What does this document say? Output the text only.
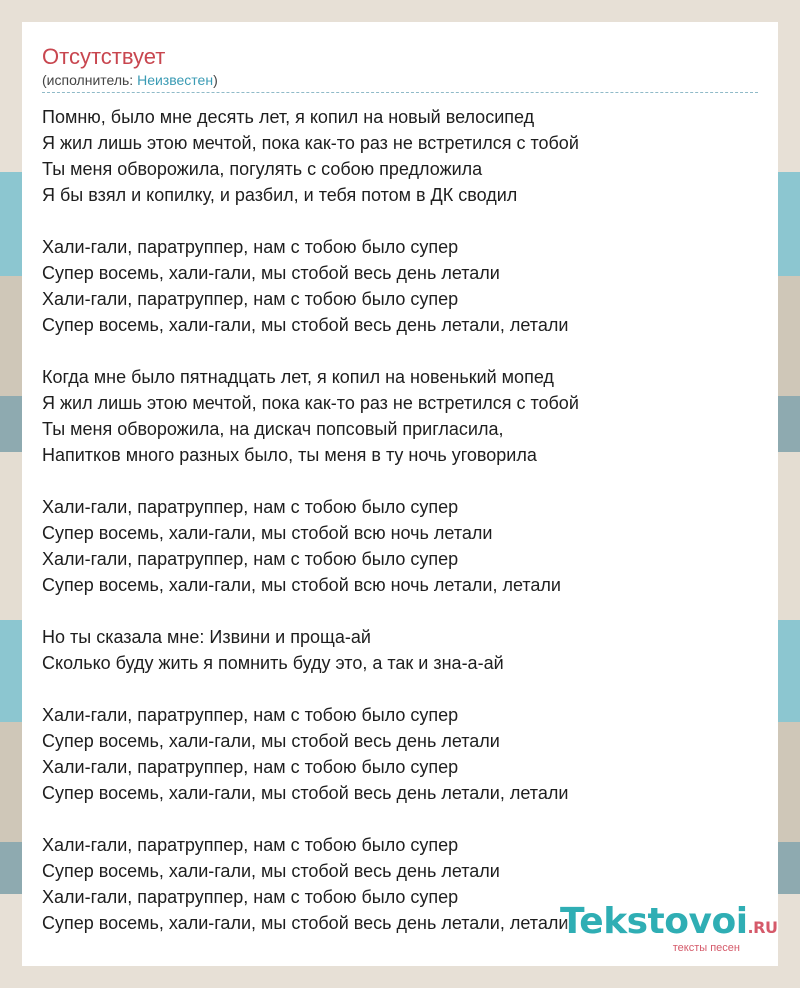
Отсутствует
(исполнитель: Неизвестен)
Помню, было мне десять лет, я копил на новый велосипед
Я жил лишь этою мечтой, пока как-то раз не встретился с тобой
Ты меня обворожила, погулять с собою предложила
Я бы взял и копилку, и разбил, и тебя потом в ДК сводил
Хали-гали, паратруппер, нам с тобою было супер
Супер восемь, хали-гали, мы стобой весь день летали
Хали-гали, паратруппер, нам с тобою было супер
Супер восемь, хали-гали, мы стобой весь день летали, летали
Когда мне было пятнадцать лет, я копил на новенький мопед
Я жил лишь этою мечтой, пока как-то раз не встретился с тобой
Ты меня обворожила, на дискач попсовый пригласила,
Напитков много разных было, ты меня в ту ночь уговорила
Хали-гали, паратруппер, нам с тобою было супер
Супер восемь, хали-гали, мы стобой всю ночь летали
Хали-гали, паратруппер, нам с тобою было супер
Супер восемь, хали-гали, мы стобой всю ночь летали, летали
Но ты сказала мне: Извини и проща-ай
Сколько буду жить я помнить буду это, а так и зна-а-ай
Хали-гали, паратруппер, нам с тобою было супер
Супер восемь, хали-гали, мы стобой весь день летали
Хали-гали, паратруппер, нам с тобою было супер
Супер восемь, хали-гали, мы стобой весь день летали, летали
Хали-гали, паратруппер, нам с тобою было супер
Супер восемь, хали-гали, мы стобой весь день летали
Хали-гали, паратруппер, нам с тобою было супер
Супер восемь, хали-гали, мы стобой весь день летали, летали
Tekstovoi.RU
тексты песен
